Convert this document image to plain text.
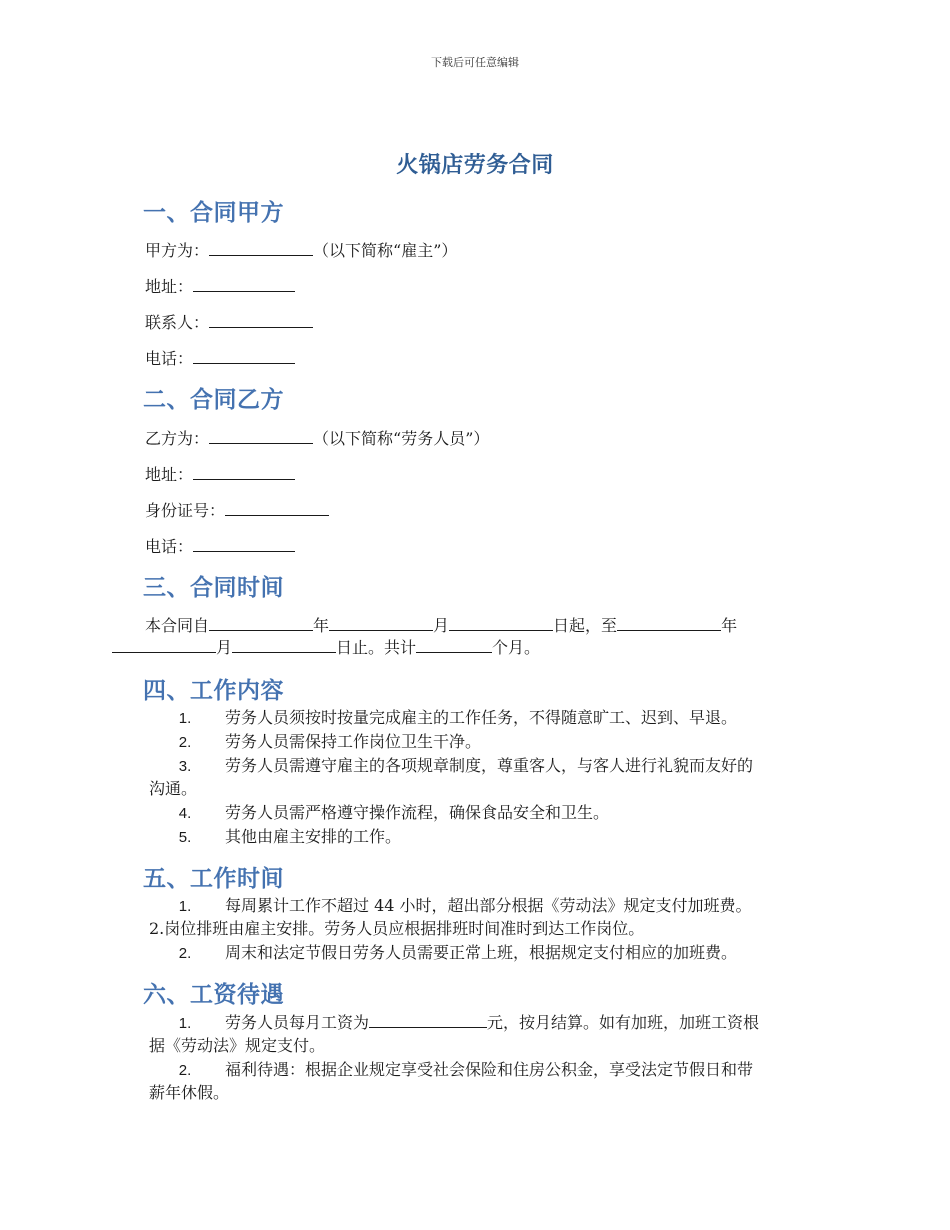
下载后可任意编辑
火锅店劳务合同
一、合同甲方
甲方为：	（以下简称“雇主”）
地址：
联系人：
电话：
二、合同乙方
乙方为：	（以下简称“劳务人员”）
地址：
身份证号：
电话：
三、合同时间
本合同自	年	月	日起，至	年
月	日止。共计	个月。
四、工作内容
1. 劳务人员须按时按量完成雇主的工作任务，不得随意旷工、迟到、早退。
2. 劳务人员需保持工作岗位卫生干净。
3. 劳务人员需遵守雇主的各项规章制度，尊重客人，与客人进行礼貌而友好的
沟通。
4. 劳务人员需严格遵守操作流程，确保食品安全和卫生。
5. 其他由雇主安排的工作。
五、工作时间
1. 每周累计工作不超过 44 小时，超出部分根据《劳动法》规定支付加班费。
2.岗位排班由雇主安排。劳务人员应根据排班时间准时到达工作岗位。
2. 周末和法定节假日劳务人员需要正常上班，根据规定支付相应的加班费。
六、工资待遇
1. 劳务人员每月工资为	元，按月结算。如有加班，加班工资根
据《劳动法》规定支付。
2. 福利待遇：根据企业规定享受社会保险和住房公积金，享受法定节假日和带
薪年休假。
